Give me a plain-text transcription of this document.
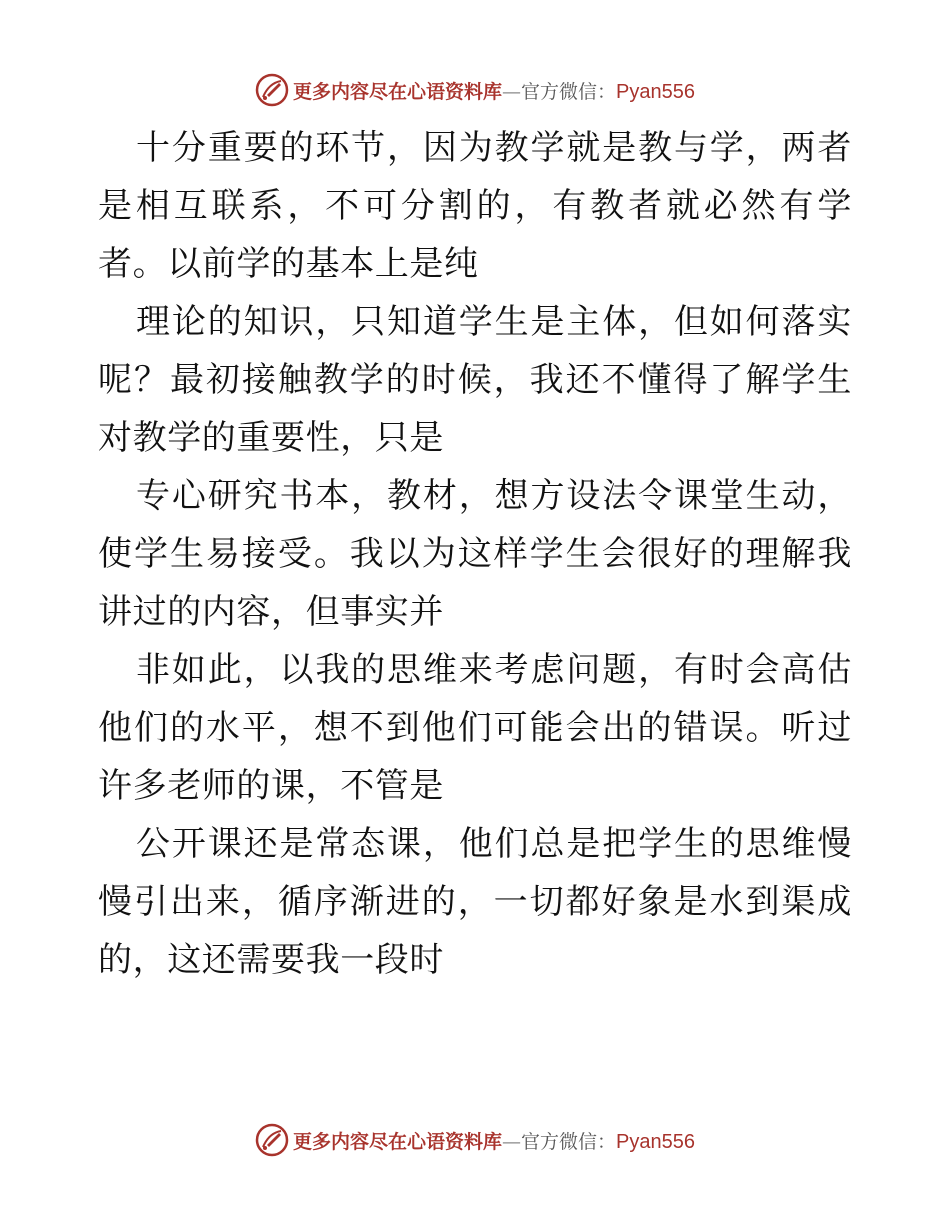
更多内容尽在心语资料库—官方微信：Pyan556

十分重要的环节，因为教学就是教与学，两者是相互联系，不可分割的，有教者就必然有学者。以前学的基本上是纯

理论的知识，只知道学生是主体，但如何落实呢？最初接触教学的时候，我还不懂得了解学生对教学的重要性，只是

专心研究书本，教材，想方设法令课堂生动，使学生易接受。我以为这样学生会很好的理解我讲过的内容，但事实并

非如此，以我的思维来考虑问题，有时会高估他们的水平，想不到他们可能会出的错误。听过许多老师的课，不管是

公开课还是常态课，他们总是把学生的思维慢慢引出来，循序渐进的，一切都好象是水到渠成的，这还需要我一段时

更多内容尽在心语资料库—官方微信：Pyan556
